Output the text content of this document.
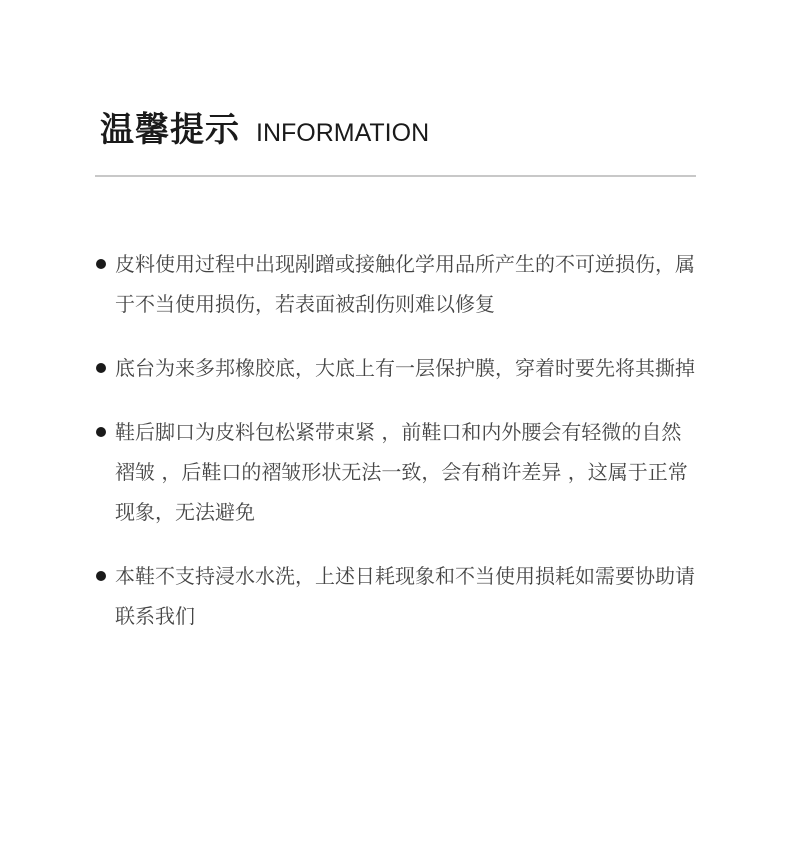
温馨提示 INFORMATION
皮料使用过程中出现剐蹭或接触化学用品所产生的不可逆损伤，属于不当使用损伤，若表面被刮伤则难以修复
底台为来多邦橡胶底，大底上有一层保护膜，穿着时要先将其撕掉
鞋后脚口为皮料包松紧带束紧 ，前鞋口和内外腰会有轻微的自然褶皱 ，后鞋口的褶皱形状无法一致，会有稍许差异 ，这属于正常现象，无法避免
本鞋不支持浸水水洗，上述日耗现象和不当使用损耗如需要协助请联系我们
